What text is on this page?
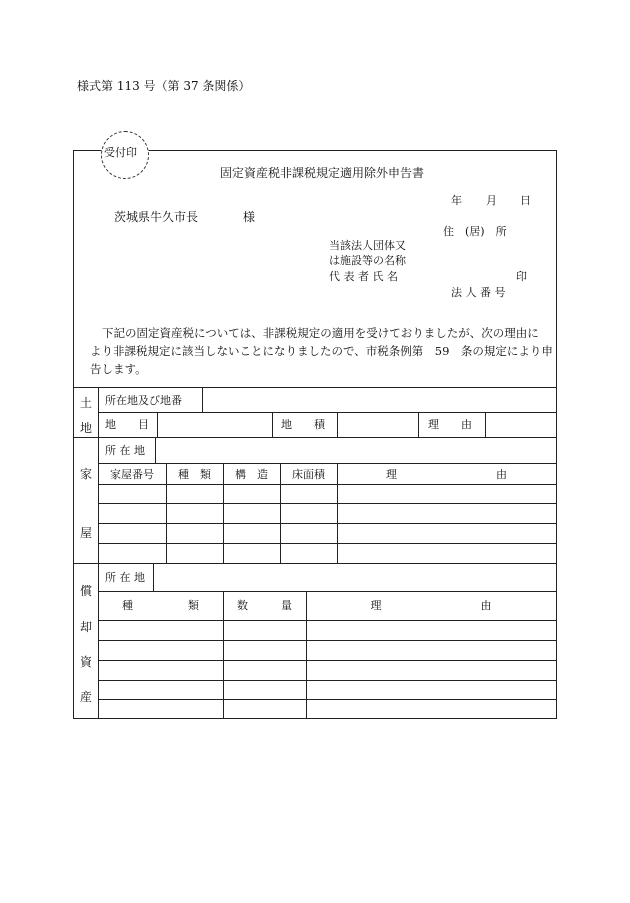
様式第 113 号（第 37 条関係）
受付印
固定資産税非課税規定適用除外申告書
年 月 日
茨城県牛久市長	様
住　(居)　所
当該法人団体又
は施設等の名称
代 表 者 氏 名	印
法 人 番 号
下記の固定資産税については、非課税規定の適用を受けておりましたが、次の理由に
より非課税規定に該当しないことになりましたので、市税条例第　59　条の規定により申
告します。
土
地
所在地及び地番
地　　目	地　　積	理　　由
家
屋
所 在 地
家屋番号	種　類	構　造	床面積	理　　　　　　　　　由
償
却
資
産
所 在 地
種　　　　　類	数　　　量	理　　　　　　　　　由
